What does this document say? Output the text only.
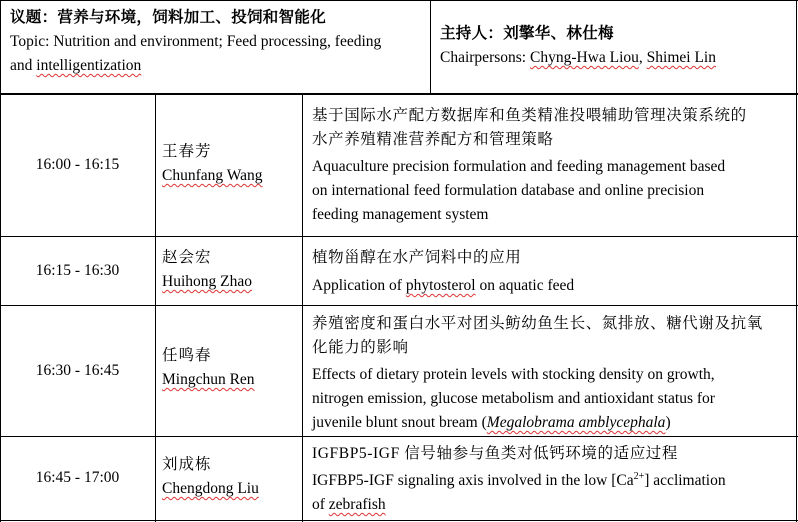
议题：营养与环境，饲料加工、投饲和智能化
Topic: Nutrition and environment; Feed processing, feeding
and intelligentization
主持人：刘擎华、林仕梅
Chairpersons: Chyng-Hwa Liou, Shimei Lin
16:00 - 16:15
王春芳
Chunfang Wang
基于国际水产配方数据库和鱼类精准投喂辅助管理决策系统的
水产养殖精准营养配方和管理策略
Aquaculture precision formulation and feeding management based
on international feed formulation database and online precision
feeding management system
16:15 - 16:30
赵会宏
Huihong Zhao
植物甾醇在水产饲料中的应用
Application of phytosterol on aquatic feed
16:30 - 16:45
任鸣春
Mingchun Ren
养殖密度和蛋白水平对团头鲂幼鱼生长、氮排放、糖代谢及抗氧
化能力的影响
Effects of dietary protein levels with stocking density on growth,
nitrogen emission, glucose metabolism and antioxidant status for
juvenile blunt snout bream (Megalobrama amblycephala)
16:45 - 17:00
刘成栋
Chengdong Liu
IGFBP5-IGF 信号轴参与鱼类对低钙环境的适应过程
IGFBP5-IGF signaling axis involved in the low $[Ca^{2+}]$ acclimation
of zebrafish
